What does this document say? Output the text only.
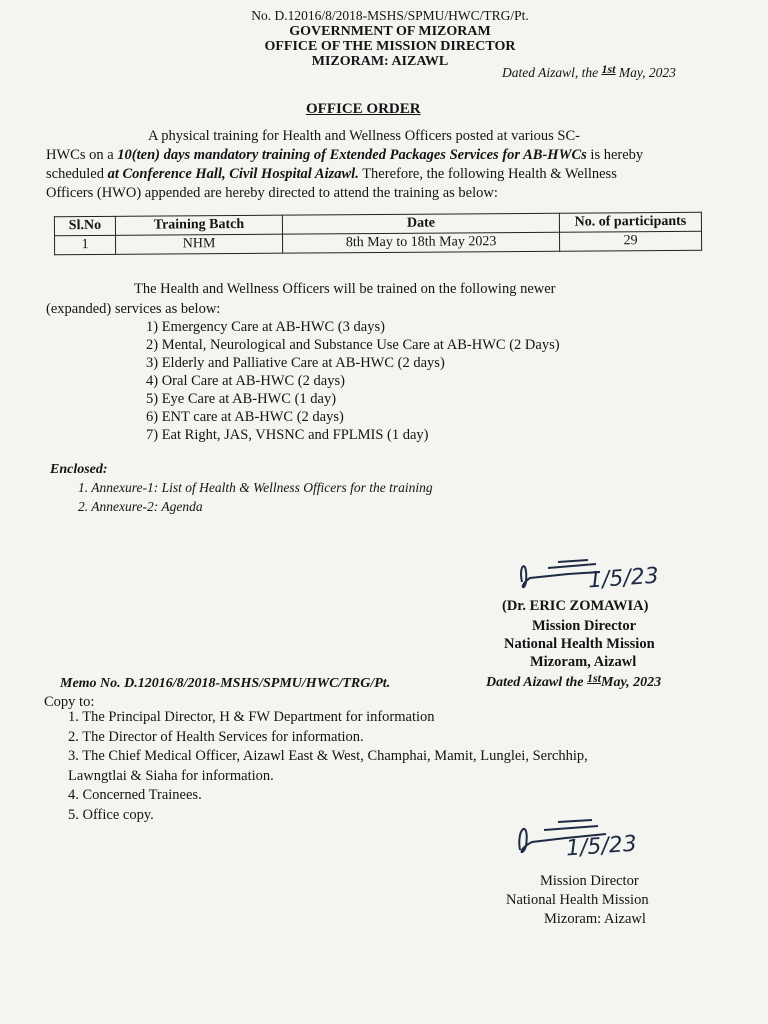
No. D.12016/8/2018-MSHS/SPMU/HWC/TRG/Pt.
GOVERNMENT OF MIZORAM
OFFICE OF THE MISSION DIRECTOR
MIZORAM: AIZAWL
Dated Aizawl, the 1st May, 2023
OFFICE ORDER
A physical training for Health and Wellness Officers posted at various SC-
HWCs on a 10(ten) days mandatory training of Extended Packages Services for AB-HWCs is hereby
scheduled at Conference Hall, Civil Hospital Aizawl. Therefore, the following Health & Wellness
Officers (HWO) appended are hereby directed to attend the training as below:
Sl.No	Training Batch	Date	No. of participants
1	NHM	8th May to 18th May 2023	29
The Health and Wellness Officers will be trained on the following newer
(expanded) services as below:
1) Emergency Care at AB-HWC (3 days)
2) Mental, Neurological and Substance Use Care at AB-HWC (2 Days)
3) Elderly and Palliative Care at AB-HWC (2 days)
4) Oral Care at AB-HWC (2 days)
5) Eye Care at AB-HWC (1 day)
6) ENT care at AB-HWC (2 days)
7) Eat Right, JAS, VHSNC and FPLMIS (1 day)
Enclosed:
1. Annexure-1: List of Health & Wellness Officers for the training
2. Annexure-2: Agenda
1/5/23
(Dr. ERIC ZOMAWIA)
Mission Director
National Health Mission
Mizoram, Aizawl
Memo No. D.12016/8/2018-MSHS/SPMU/HWC/TRG/Pt.	Dated Aizawl the 1stMay, 2023
Copy to:
1. The Principal Director, H & FW Department for information
2. The Director of Health Services for information.
3. The Chief Medical Officer, Aizawl East & West, Champhai, Mamit, Lunglei, Serchhip,
Lawngtlai & Siaha for information.
4. Concerned Trainees.
5. Office copy.
1/5/23
Mission Director
National Health Mission
Mizoram: Aizawl
